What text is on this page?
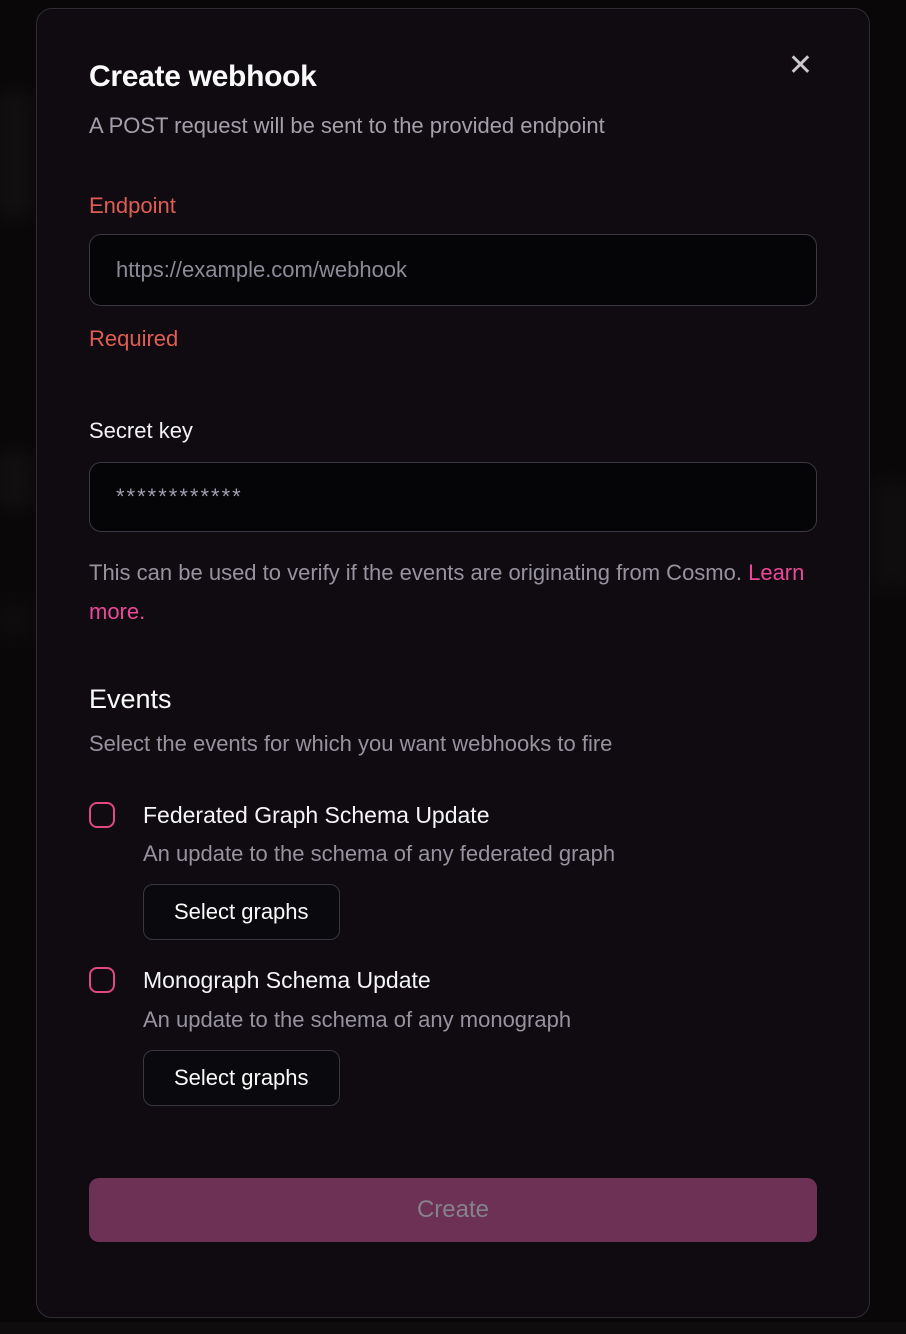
✕
Create webhook

A POST request will be sent to the provided endpoint

Endpoint
https://example.com/webhook
Required
Secret key
************

This can be used to verify if the events are originating from Cosmo. Learn more.

Events

Select the events for which you want webhooks to fire

Federated Graph Schema Update
An update to the schema of any federated graph
Select graphs
Monograph Schema Update
An update to the schema of any monograph
Select graphs
Create
